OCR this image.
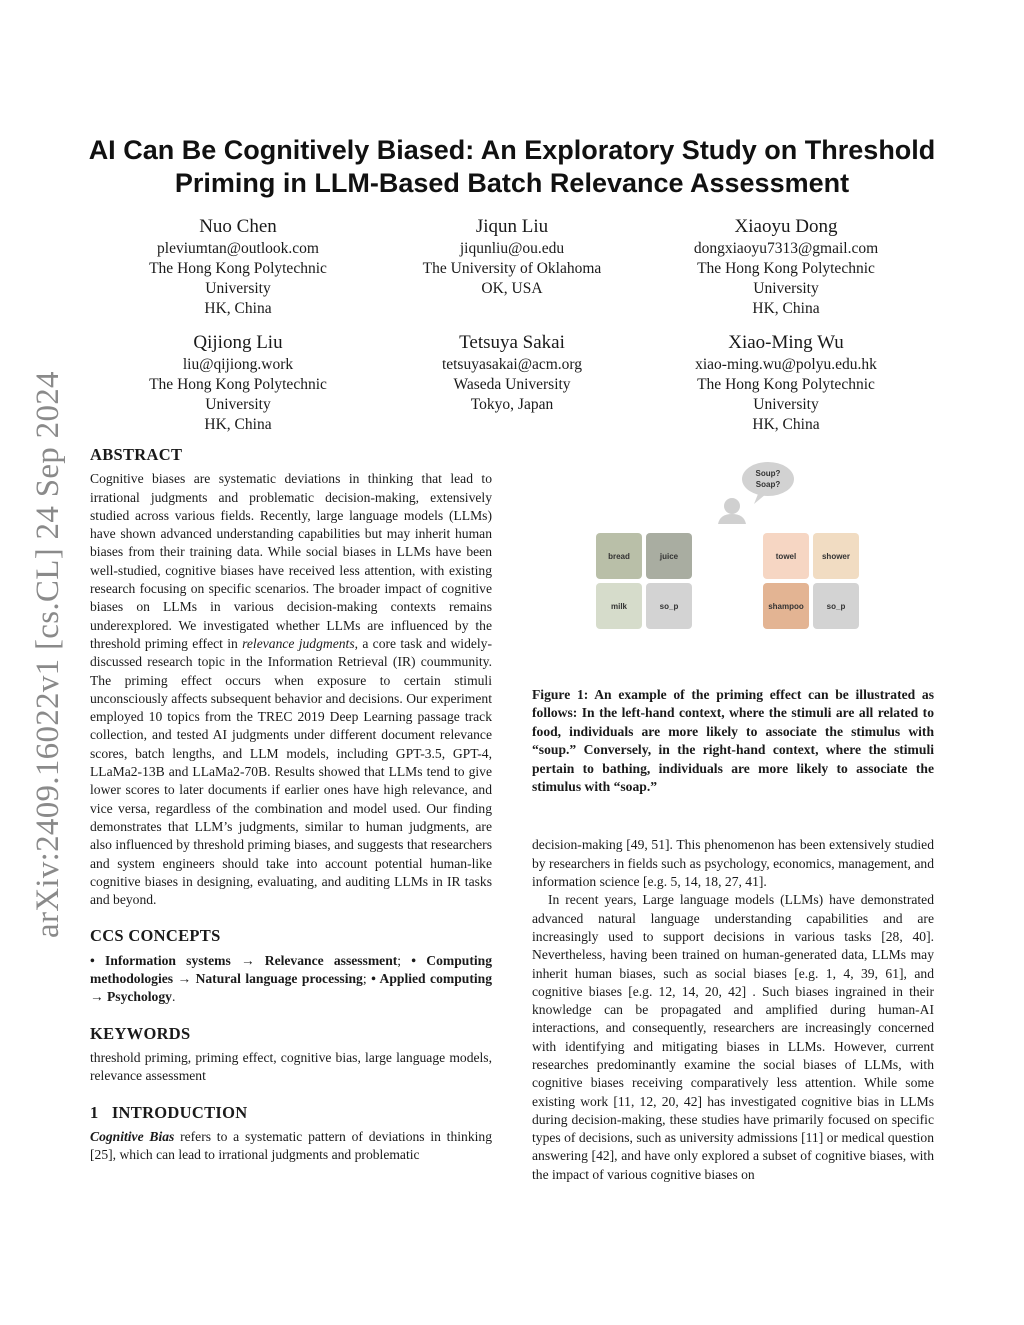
arXiv:2409.16022v1 [cs.CL] 24 Sep 2024
AI Can Be Cognitively Biased: An Exploratory Study on Threshold
Priming in LLM-Based Batch Relevance Assessment
Nuo Chen
pleviumtan@outlook.com
The Hong Kong Polytechnic
University
HK, China
Jiqun Liu
jiqunliu@ou.edu
The University of Oklahoma
OK, USA
Xiaoyu Dong
dongxiaoyu7313@gmail.com
The Hong Kong Polytechnic
University
HK, China
Qijiong Liu
liu@qijiong.work
The Hong Kong Polytechnic
University
HK, China
Tetsuya Sakai
tetsuyasakai@acm.org
Waseda University
Tokyo, Japan
Xiao-Ming Wu
xiao-ming.wu@polyu.edu.hk
The Hong Kong Polytechnic
University
HK, China
ABSTRACT

Cognitive biases are systematic deviations in thinking that lead to irrational judgments and problematic decision-making, extensively studied across various fields. Recently, large language models (LLMs) have shown advanced understanding capabilities but may inherit human biases from their training data. While social biases in LLMs have been well-studied, cognitive biases have received less attention, with existing research focusing on specific scenarios. The broader impact of cognitive biases on LLMs in various decision-making contexts remains underexplored. We investigated whether LLMs are influenced by the threshold priming effect in relevance judgments, a core task and widely-discussed research topic in the Information Retrieval (IR) coummunity. The priming effect occurs when exposure to certain stimuli unconsciously affects subsequent behavior and decisions. Our experiment employed 10 topics from the TREC 2019 Deep Learning passage track collection, and tested AI judgments under different document relevance scores, batch lengths, and LLM models, including GPT-3.5, GPT-4, LLaMa2-13B and LLaMa2-70B. Results showed that LLMs tend to give lower scores to later documents if earlier ones have high relevance, and vice versa, regardless of the combination and model used. Our finding demonstrates that LLM’s judgments, similar to human judgments, are also influenced by threshold priming biases, and suggests that researchers and system engineers should take into account potential human-like cognitive biases in designing, evaluating, and auditing LLMs in IR tasks and beyond.

CCS CONCEPTS

• Information systems → Relevance assessment; • Computing methodologies → Natural language processing; • Applied computing → Psychology.

KEYWORDS

threshold priming, priming effect, cognitive bias, large language models, relevance assessment

1   INTRODUCTION

Cognitive Bias refers to a systematic pattern of deviations in thinking [25], which can lead to irrational judgments and problematic

Soup?
Soap?
bread	juice
milk	so_p
towel	shower
shampoo	so_p

Figure 1: An example of the priming effect can be illustrated as follows: In the left-hand context, where the stimuli are all related to food, individuals are more likely to associate the stimulus with “soup.” Conversely, in the right-hand context, where the stimuli pertain to bathing, individuals are more likely to associate the stimulus with “soap.”

decision-making [49, 51]. This phenomenon has been extensively studied by researchers in fields such as psychology, economics, management, and information science [e.g. 5, 14, 18, 27, 41].

In recent years, Large language models (LLMs) have demonstrated advanced natural language understanding capabilities and are increasingly used to support decisions in various tasks [28, 40]. Nevertheless, having been trained on human-generated data, LLMs may inherit human biases, such as social biases [e.g. 1, 4, 39, 61], and cognitive biases [e.g. 12, 14, 20, 42] . Such biases ingrained in their knowledge can be propagated and amplified during human-AI interactions, and consequently, researchers are increasingly concerned with identifying and mitigating biases in LLMs. However, current researches predominantly examine the social biases of LLMs, with cognitive biases receiving comparatively less attention. While some existing work [11, 12, 20, 42] has investigated cognitive bias in LLMs during decision-making, these studies have primarily focused on specific types of decisions, such as university admissions [11] or medical question answering [42], and have only explored a subset of cognitive biases, with the impact of various cognitive biases on
